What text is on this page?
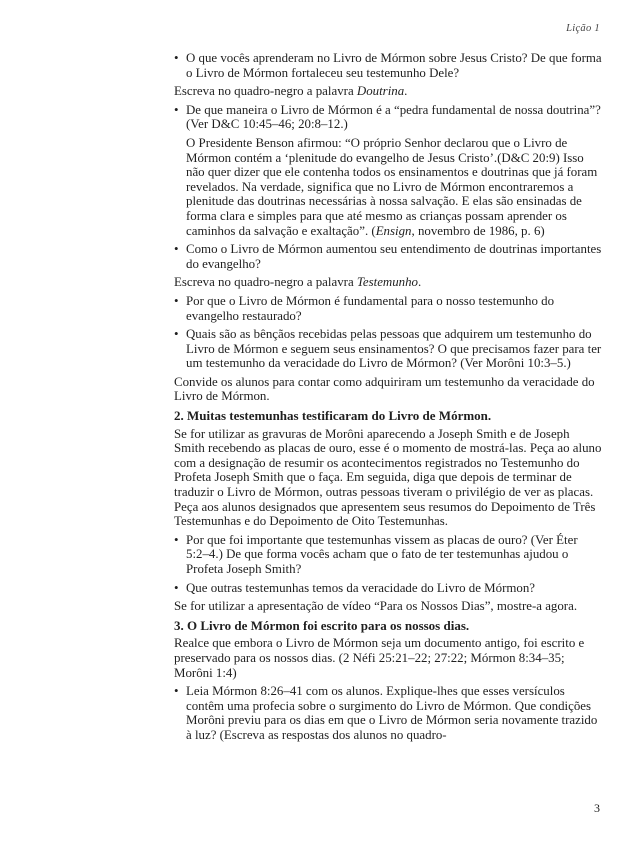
Lição 1
• O que vocês aprenderam no Livro de Mórmon sobre Jesus Cristo? De que forma o Livro de Mórmon fortaleceu seu testemunho Dele?
Escreva no quadro-negro a palavra Doutrina.
• De que maneira o Livro de Mórmon é a “pedra fundamental de nossa doutrina”? (Ver D&C 10:45–46; 20:8–12.)
O Presidente Benson afirmou: “O próprio Senhor declarou que o Livro de Mórmon contém a ‘plenitude do evangelho de Jesus Cristo’.(D&C 20:9) Isso não quer dizer que ele contenha todos os ensinamentos e doutrinas que já foram revelados. Na verdade, significa que no Livro de Mórmon encontraremos a plenitude das doutrinas necessárias à nossa salvação. E elas são ensinadas de forma clara e simples para que até mesmo as crianças possam aprender os caminhos da salvação e exaltação”. (Ensign, novembro de 1986, p. 6)
• Como o Livro de Mórmon aumentou seu entendimento de doutrinas importantes do evangelho?
Escreva no quadro-negro a palavra Testemunho.
• Por que o Livro de Mórmon é fundamental para o nosso testemunho do evangelho restaurado?
• Quais são as bênçãos recebidas pelas pessoas que adquirem um testemunho do Livro de Mórmon e seguem seus ensinamentos? O que precisamos fazer para ter um testemunho da veracidade do Livro de Mórmon? (Ver Morôni 10:3–5.)
Convide os alunos para contar como adquiriram um testemunho da veracidade do Livro de Mórmon.
2. Muitas testemunhas testificaram do Livro de Mórmon.
Se for utilizar as gravuras de Morôni aparecendo a Joseph Smith e de Joseph Smith recebendo as placas de ouro, esse é o momento de mostrá-las. Peça ao aluno com a designação de resumir os acontecimentos registrados no Testemunho do Profeta Joseph Smith que o faça. Em seguida, diga que depois de terminar de traduzir o Livro de Mórmon, outras pessoas tiveram o privilégio de ver as placas. Peça aos alunos designados que apresentem seus resumos do Depoimento de Três Testemunhas e do Depoimento de Oito Testemunhas.
• Por que foi importante que testemunhas vissem as placas de ouro? (Ver Éter 5:2–4.) De que forma vocês acham que o fato de ter testemunhas ajudou o Profeta Joseph Smith?
• Que outras testemunhas temos da veracidade do Livro de Mórmon?
Se for utilizar a apresentação de vídeo “Para os Nossos Dias”, mostre-a agora.
3. O Livro de Mórmon foi escrito para os nossos dias.
Realce que embora o Livro de Mórmon seja um documento antigo, foi escrito e preservado para os nossos dias. (2 Néfi 25:21–22; 27:22; Mórmon 8:34–35; Morôni 1:4)
• Leia Mórmon 8:26–41 com os alunos. Explique-lhes que esses versículos contêm uma profecia sobre o surgimento do Livro de Mórmon. Que condições Morôni previu para os dias em que o Livro de Mórmon seria novamente trazido à luz? (Escreva as respostas dos alunos no quadro-
3
